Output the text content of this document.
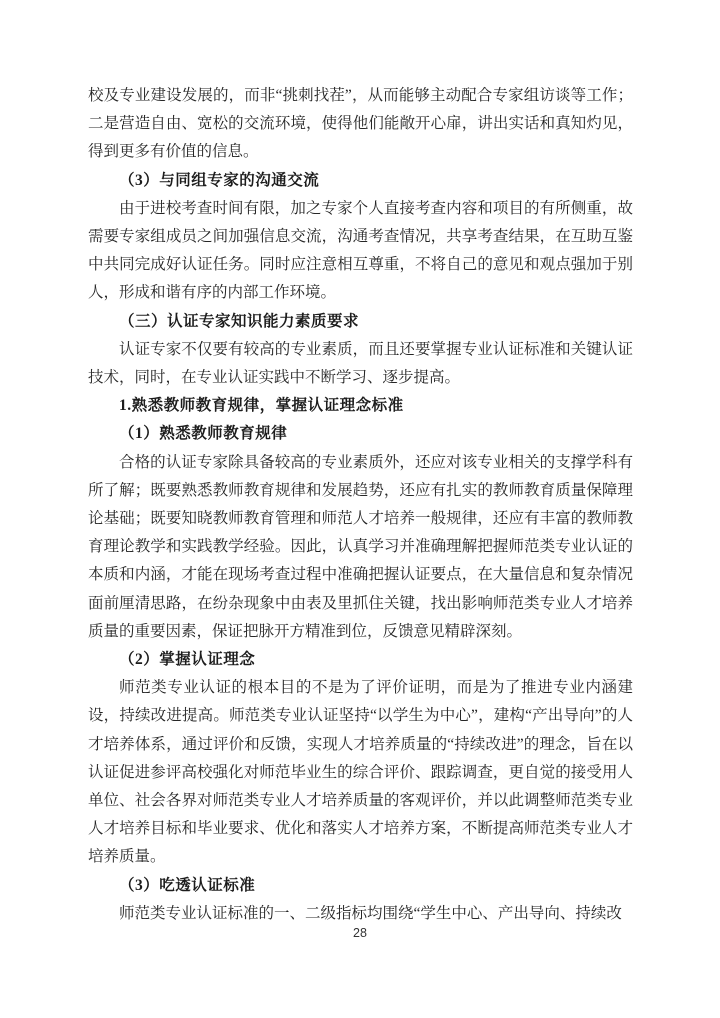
校及专业建设发展的，而非“挑刺找茬”，从而能够主动配合专家组访谈等工作；二是营造自由、宽松的交流环境，使得他们能敞开心扉，讲出实话和真知灼见，得到更多有价值的信息。

（3）与同组专家的沟通交流

由于进校考查时间有限，加之专家个人直接考查内容和项目的有所侧重，故需要专家组成员之间加强信息交流，沟通考查情况，共享考查结果，在互助互鉴中共同完成好认证任务。同时应注意相互尊重，不将自己的意见和观点强加于别人，形成和谐有序的内部工作环境。

（三）认证专家知识能力素质要求

认证专家不仅要有较高的专业素质，而且还要掌握专业认证标准和关键认证技术，同时，在专业认证实践中不断学习、逐步提高。

1.熟悉教师教育规律，掌握认证理念标准

（1）熟悉教师教育规律

合格的认证专家除具备较高的专业素质外，还应对该专业相关的支撑学科有所了解；既要熟悉教师教育规律和发展趋势，还应有扎实的教师教育质量保障理论基础；既要知晓教师教育管理和师范人才培养一般规律，还应有丰富的教师教育理论教学和实践教学经验。因此，认真学习并准确理解把握师范类专业认证的本质和内涵，才能在现场考查过程中准确把握认证要点，在大量信息和复杂情况面前厘清思路，在纷杂现象中由表及里抓住关键，找出影响师范类专业人才培养质量的重要因素，保证把脉开方精准到位，反馈意见精辟深刻。

（2）掌握认证理念

师范类专业认证的根本目的不是为了评价证明，而是为了推进专业内涵建设，持续改进提高。师范类专业认证坚持“以学生为中心”，建构“产出导向”的人才培养体系，通过评价和反馈，实现人才培养质量的“持续改进”的理念，旨在以认证促进参评高校强化对师范毕业生的综合评价、跟踪调查，更自觉的接受用人单位、社会各界对师范类专业人才培养质量的客观评价，并以此调整师范类专业人才培养目标和毕业要求、优化和落实人才培养方案，不断提高师范类专业人才培养质量。

（3）吃透认证标准

师范类专业认证标准的一、二级指标均围绕“学生中心、产出导向、持续改

28
